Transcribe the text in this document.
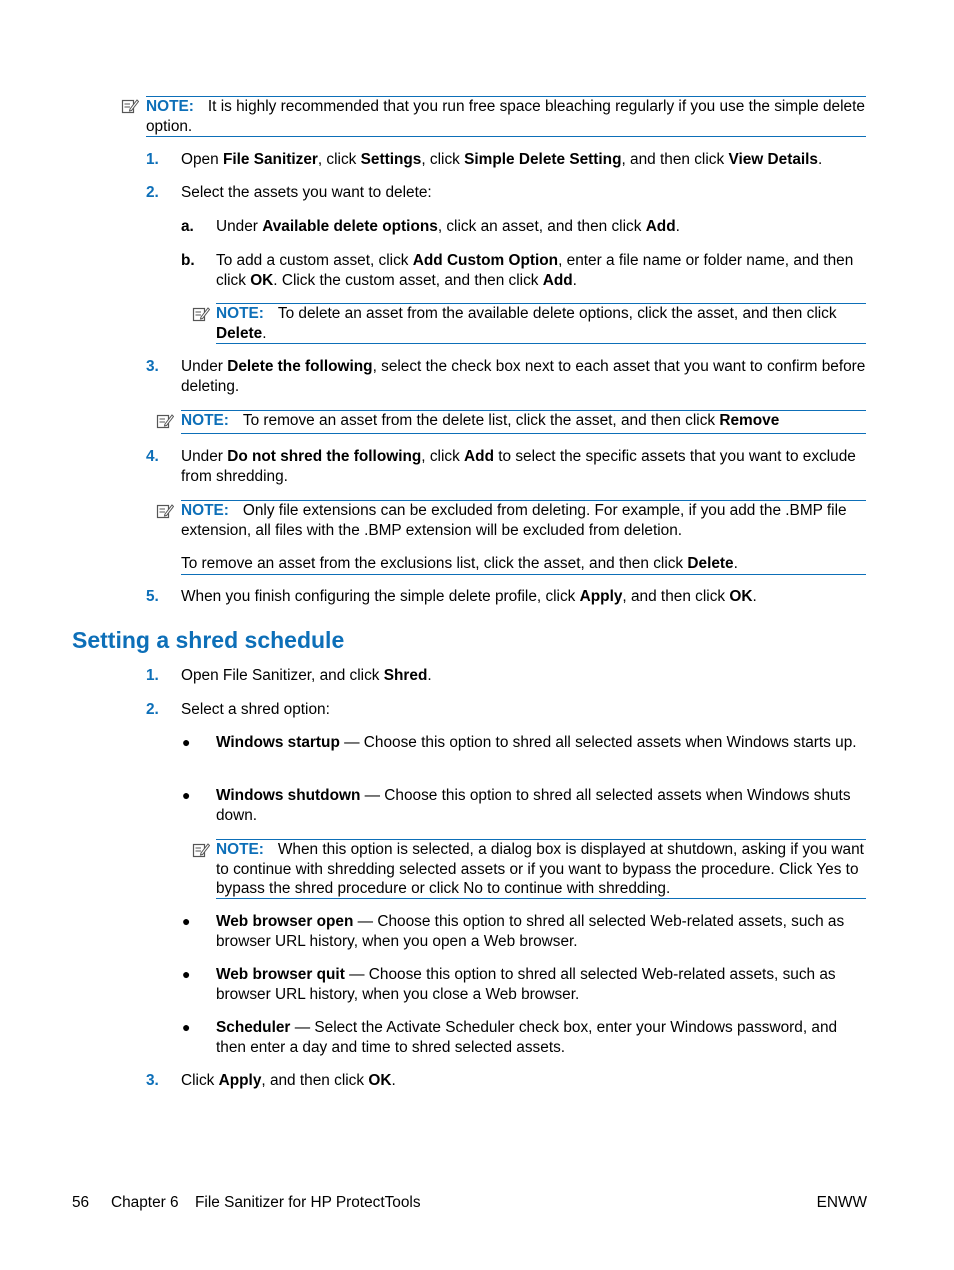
NOTE: It is highly recommended that you run free space bleaching regularly if you use the simple delete option.
1. Open File Sanitizer, click Settings, click Simple Delete Setting, and then click View Details.
2. Select the assets you want to delete:
a. Under Available delete options, click an asset, and then click Add.
b. To add a custom asset, click Add Custom Option, enter a file name or folder name, and then click OK. Click the custom asset, and then click Add.
NOTE: To delete an asset from the available delete options, click the asset, and then click Delete.
3. Under Delete the following, select the check box next to each asset that you want to confirm before deleting.
NOTE: To remove an asset from the delete list, click the asset, and then click Remove
4. Under Do not shred the following, click Add to select the specific assets that you want to exclude from shredding.
NOTE: Only file extensions can be excluded from deleting. For example, if you add the .BMP file extension, all files with the .BMP extension will be excluded from deletion.
To remove an asset from the exclusions list, click the asset, and then click Delete.
5. When you finish configuring the simple delete profile, click Apply, and then click OK.
Setting a shred schedule
1. Open File Sanitizer, and click Shred.
2. Select a shred option:
● Windows startup — Choose this option to shred all selected assets when Windows starts up.
● Windows shutdown — Choose this option to shred all selected assets when Windows shuts down.
NOTE: When this option is selected, a dialog box is displayed at shutdown, asking if you want to continue with shredding selected assets or if you want to bypass the procedure. Click Yes to bypass the shred procedure or click No to continue with shredding.
● Web browser open — Choose this option to shred all selected Web-related assets, such as browser URL history, when you open a Web browser.
● Web browser quit — Choose this option to shred all selected Web-related assets, such as browser URL history, when you close a Web browser.
● Scheduler — Select the Activate Scheduler check box, enter your Windows password, and then enter a day and time to shred selected assets.
3. Click Apply, and then click OK.
56 Chapter 6 File Sanitizer for HP ProtectTools	ENWW
